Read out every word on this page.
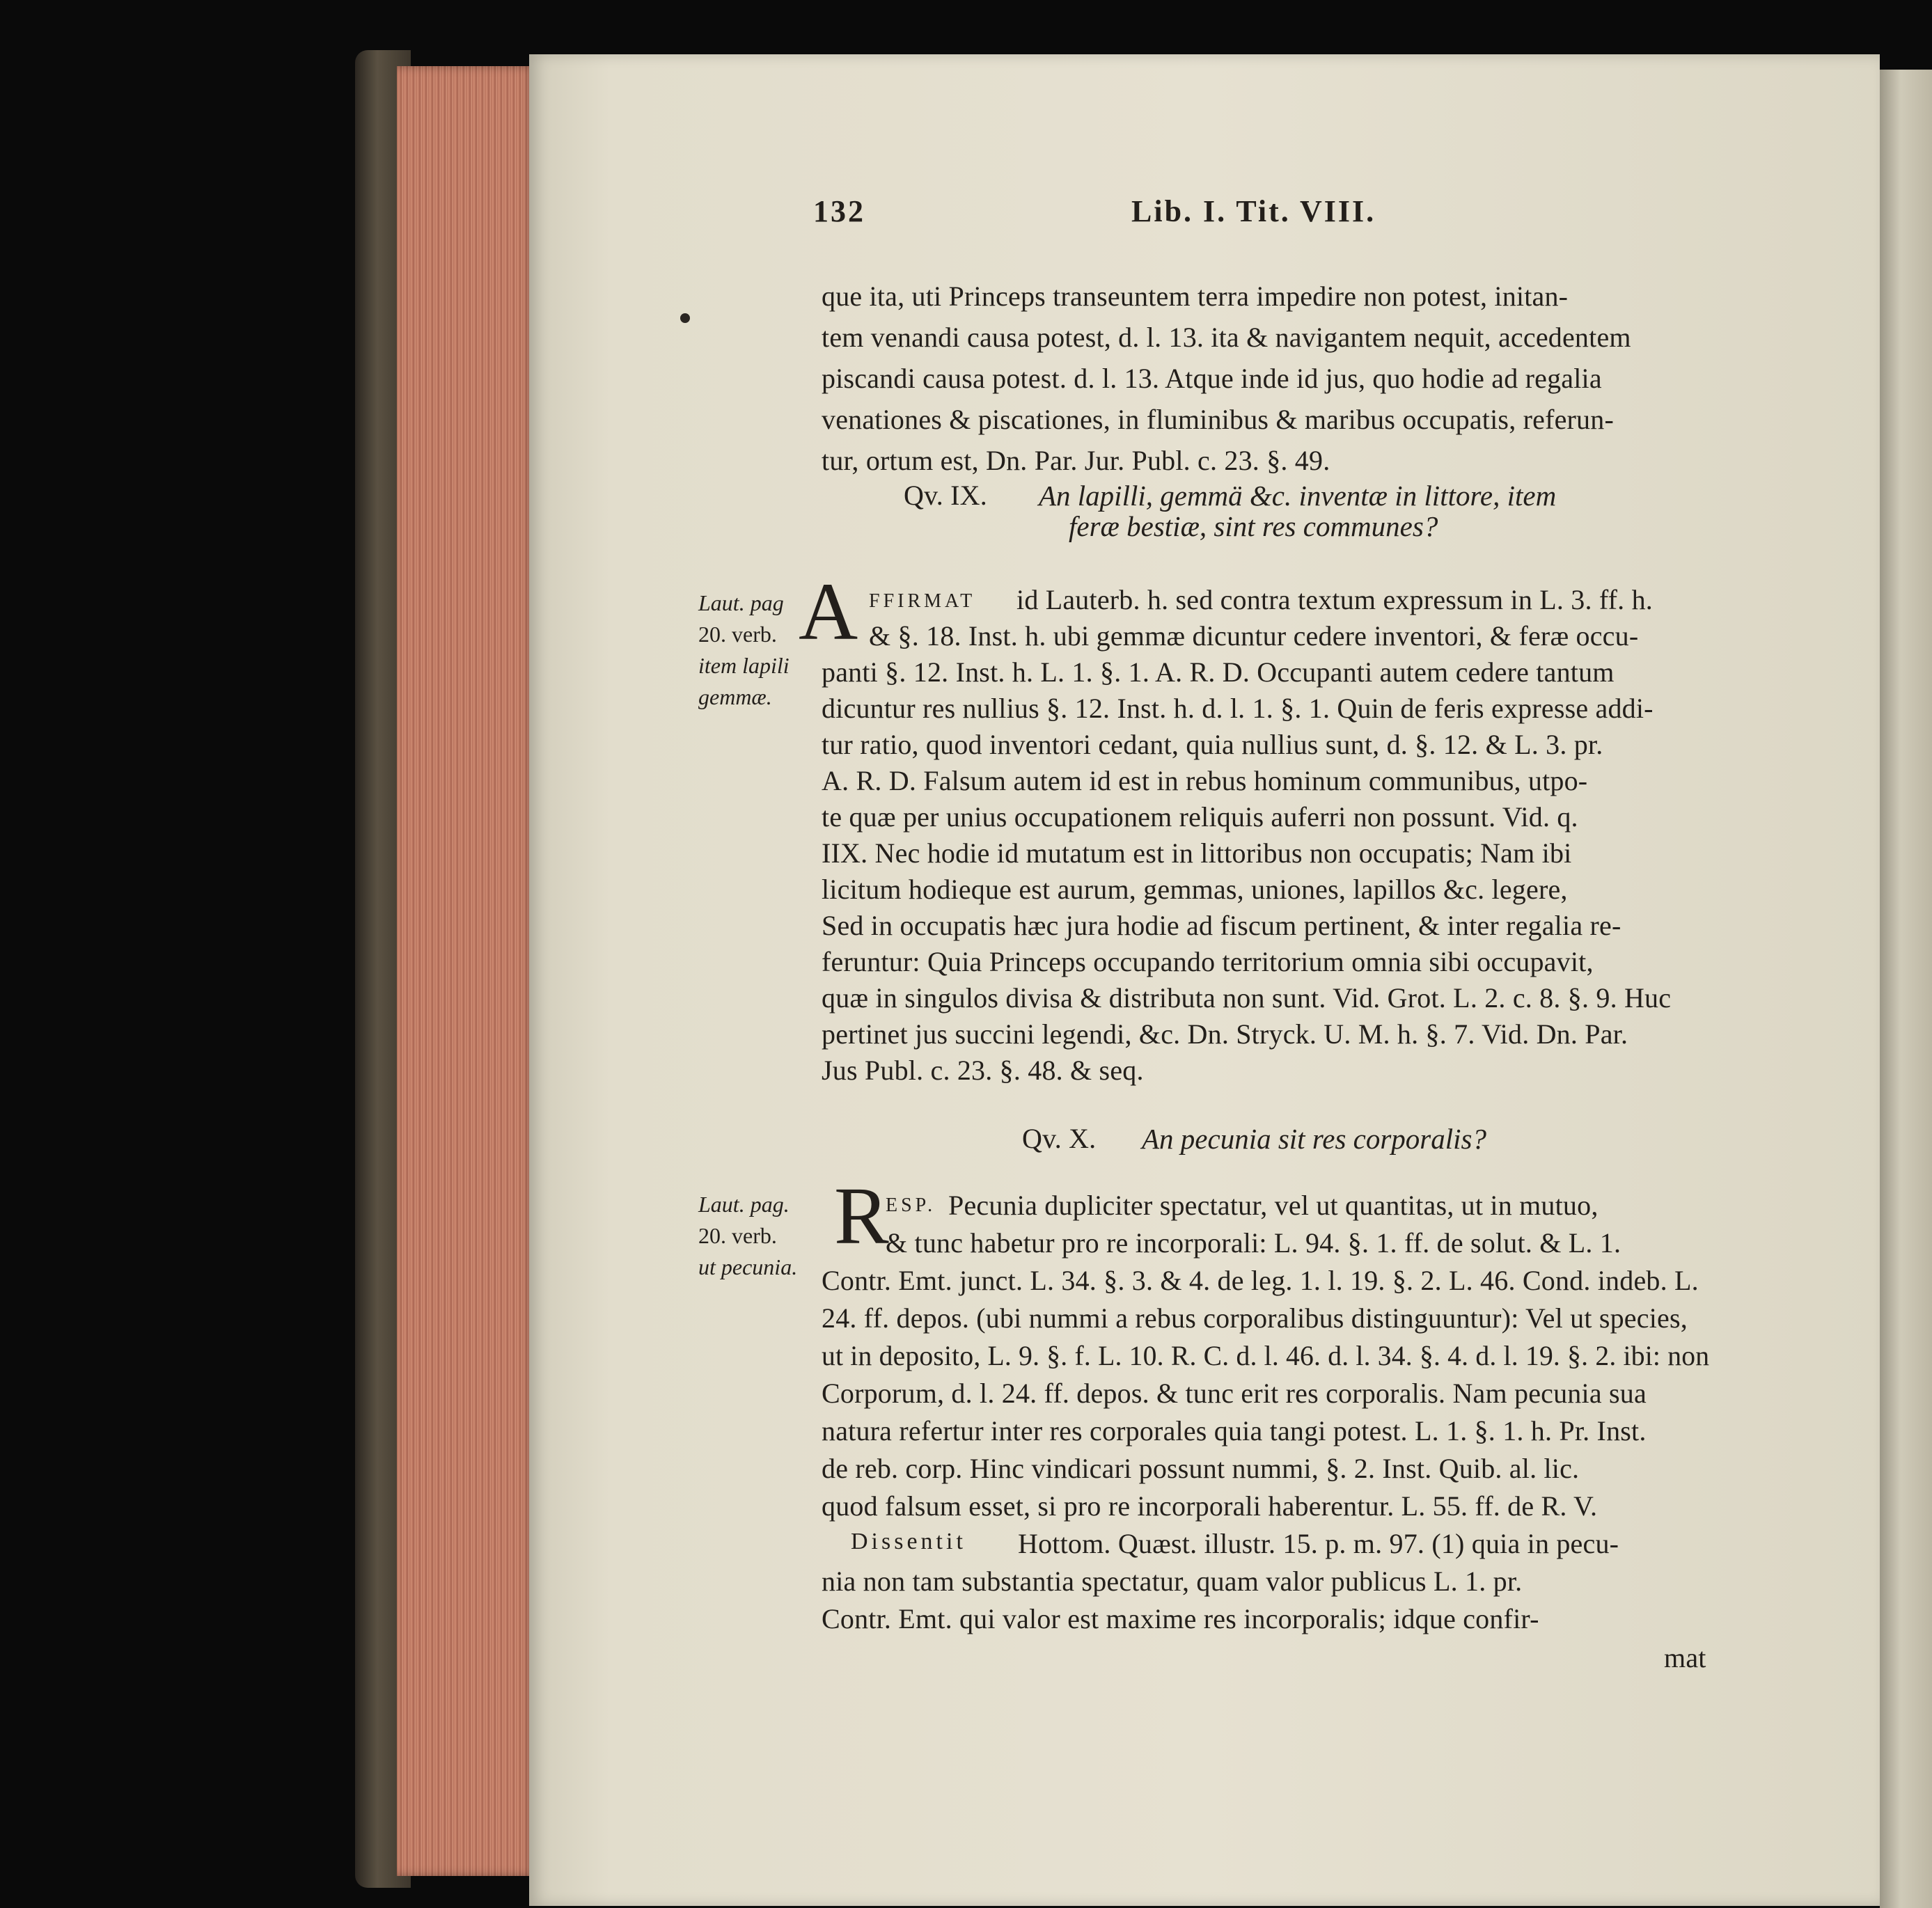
132	Lib. I. Tit. VIII.
que ita, uti Princeps transeuntem terra impedire non potest, initan-
tem venandi causa potest, d. l. 13. ita & navigantem nequit, accedentem
piscandi causa potest. d. l. 13. Atque inde id jus, quo hodie ad regalia
venationes & piscationes, in fluminibus & maribus occupatis, referun-
tur, ortum est, Dn. Par. Jur. Publ. c. 23. §. 49.
Qv. IX. An lapilli, gemmä &c. inventæ in littore, item
feræ bestiæ, sint res communes?
Laut. pag
20. verb.
item lapili
gemmæ.
A FFIRMAT id Lauterb. h. sed contra textum expressum in L. 3. ff. h.
& §. 18. Inst. h. ubi gemmæ dicuntur cedere inventori, & feræ occu-
panti §. 12. Inst. h. L. 1. §. 1. A. R. D. Occupanti autem cedere tantum
dicuntur res nullius §. 12. Inst. h. d. l. 1. §. 1. Quin de feris expresse addi-
tur ratio, quod inventori cedant, quia nullius sunt, d. §. 12. & L. 3. pr.
A. R. D. Falsum autem id est in rebus hominum communibus, utpo-
te quæ per unius occupationem reliquis auferri non possunt. Vid. q.
IIX. Nec hodie id mutatum est in littoribus non occupatis; Nam ibi
licitum hodieque est aurum, gemmas, uniones, lapillos &c. legere,
Sed in occupatis hæc jura hodie ad fiscum pertinent, & inter regalia re-
feruntur: Quia Princeps occupando territorium omnia sibi occupavit,
quæ in singulos divisa & distributa non sunt. Vid. Grot. L. 2. c. 8. §. 9. Huc
pertinet jus succini legendi, &c. Dn. Stryck. U. M. h. §. 7. Vid. Dn. Par.
Jus Publ. c. 23. §. 48. & seq.
Qv. X. An pecunia sit res corporalis?
Laut. pag.
20. verb.
ut pecunia.
R
ESP. Pecunia dupliciter spectatur, vel ut quantitas, ut in mutuo,
& tunc habetur pro re incorporali: L. 94. §. 1. ff. de solut. & L. 1.
Contr. Emt. junct. L. 34. §. 3. & 4. de leg. 1. l. 19. §. 2. L. 46. Cond. indeb. L.
24. ff. depos. (ubi nummi a rebus corporalibus distinguuntur): Vel ut species,
ut in deposito, L. 9. §. f. L. 10. R. C. d. l. 46. d. l. 34. §. 4. d. l. 19. §. 2. ibi: non
Corporum, d. l. 24. ff. depos. & tunc erit res corporalis. Nam pecunia sua
natura refertur inter res corporales quia tangi potest. L. 1. §. 1. h. Pr. Inst.
de reb. corp. Hinc vindicari possunt nummi, §. 2. Inst. Quib. al. lic.
quod falsum esset, si pro re incorporali haberentur. L. 55. ff. de R. V.
Dissentit Hottom. Quæst. illustr. 15. p. m. 97. (1) quia in pecu-
nia non tam substantia spectatur, quam valor publicus L. 1. pr.
Contr. Emt. qui valor est maxime res incorporalis; idque confir-
mat
